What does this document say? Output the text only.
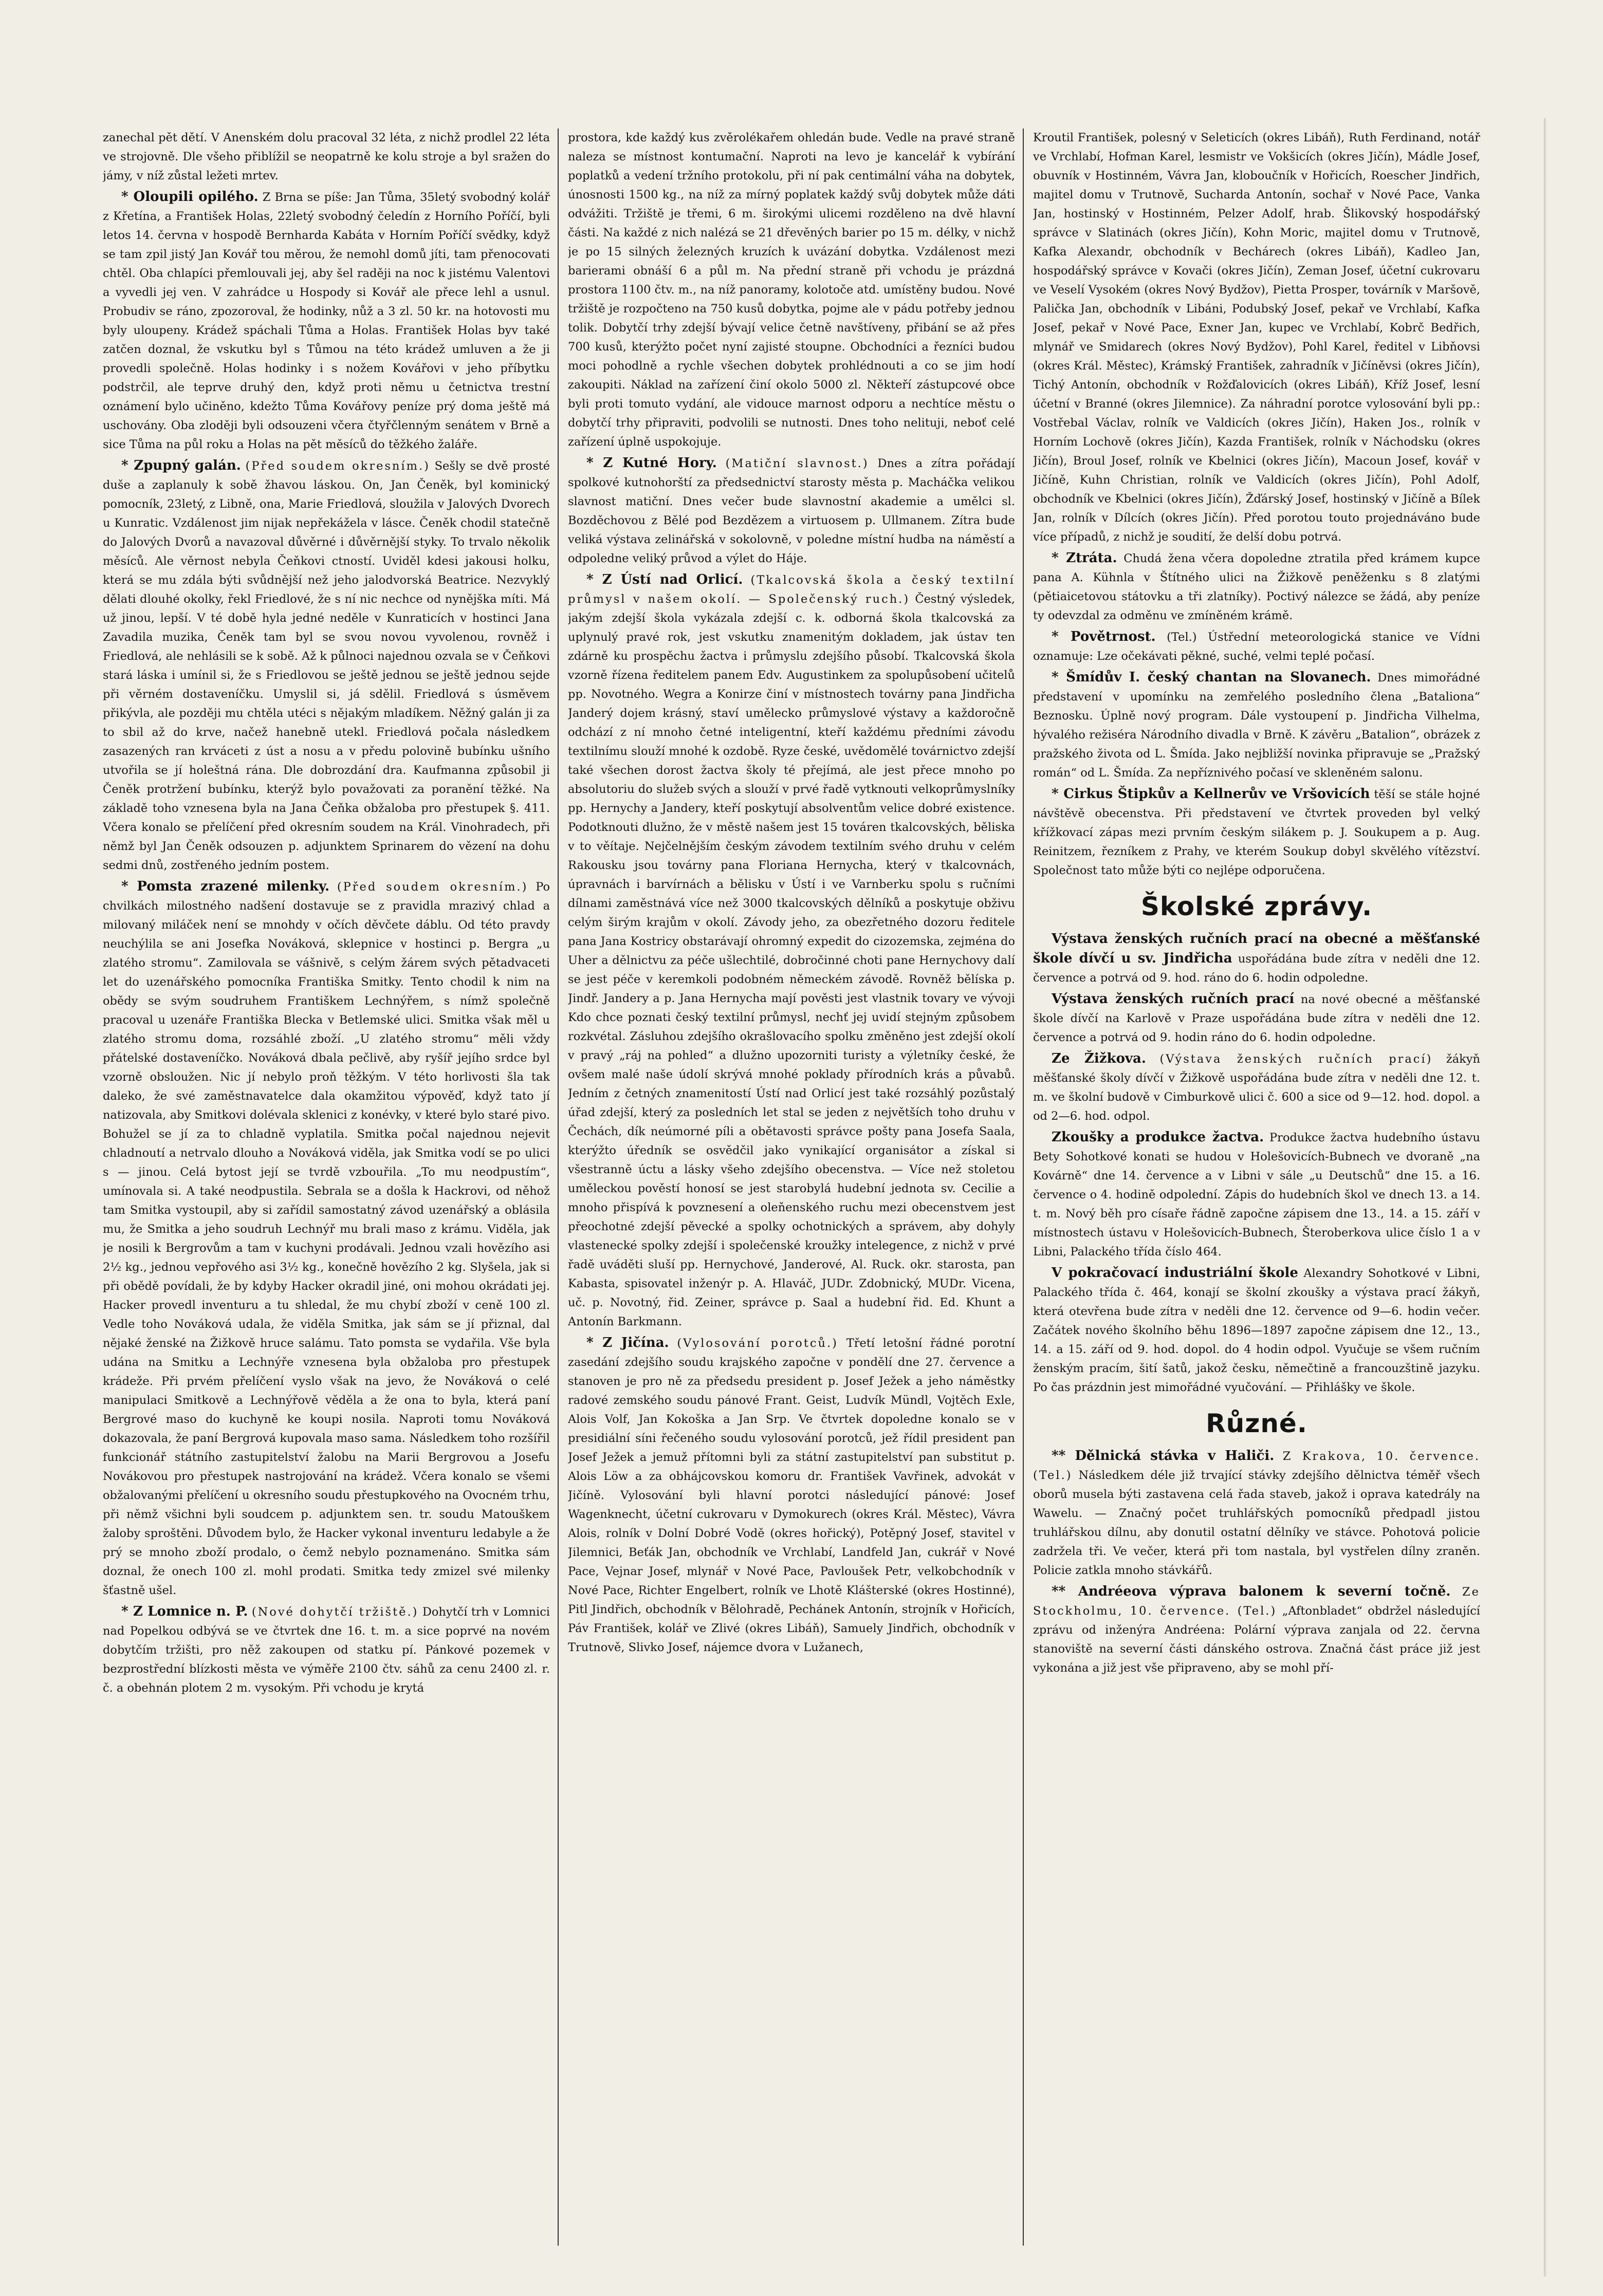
zanechal pět dětí. V Anenském dolu pracoval 32 léta, z nichž prodlel 22 léta ve strojovně. Dle všeho přiblížil se neopatrně ke kolu stroje a byl sražen do jámy, v níž zůstal ležeti mrtev.

* Oloupili opilého. Z Brna se píše: Jan Tůma, 35letý svobodný kolář z Křetína, a František Holas, 22letý svobodný čeledín z Horního Poříčí, byli letos 14. června v hospodě Bernharda Kabáta v Horním Poříčí svědky, když se tam zpil jistý Jan Kovář tou měrou, že nemohl domů jíti, tam přenocovati chtěl. Oba chlapíci přemlouvali jej, aby šel raději na noc k jistému Valentovi a vyvedli jej ven. V zahrádce u Hospody si Kovář ale přece lehl a usnul. Probudiv se ráno, zpozoroval, že hodinky, nůž a 3 zl. 50 kr. na hotovosti mu byly uloupeny. Krádež spáchali Tůma a Holas. František Holas byv také zatčen doznal, že vskutku byl s Tůmou na této krádež umluven a že ji provedli společně. Holas hodinky i s nožem Kovářovi v jeho příbytku podstrčil, ale teprve druhý den, když proti němu u četnictva trestní oznámení bylo učiněno, kdežto Tůma Kovářovy peníze prý doma ještě má uschovány. Oba zloději byli odsouzeni včera čtyřčlenným senátem v Brně a sice Tůma na půl roku a Holas na pět měsíců do těžkého žaláře.

* Zpupný galán. (Před soudem okresním.) Sešly se dvě prosté duše a zaplanuly k sobě žhavou láskou. On, Jan Čeněk, byl kominický pomocník, 23letý, z Libně, ona, Marie Friedlová, sloužila v Jalových Dvorech u Kunratic. Vzdálenost jim nijak nepřekážela v lásce. Čeněk chodil statečně do Jalových Dvorů a navazoval důvěrné i důvěrnější styky. To trvalo několik měsíců. Ale věrnost nebyla Čeňkovi ctností. Uviděl kdesi jakousi holku, která se mu zdála býti svůdnější než jeho jalodvorská Beatrice. Nezvyklý dělati dlouhé okolky, řekl Friedlové, že s ní nic nechce od nynějška míti. Má už jinou, lepší. V té době hyla jedné neděle v Kunraticích v hostinci Jana Zavadila muzika, Čeněk tam byl se svou novou vyvolenou, rovněž i Friedlová, ale nehlásili se k sobě. Až k půlnoci najednou ozvala se v Čeňkovi stará láska i umínil si, že s Friedlovou se ještě jednou se ještě jednou sejde při věrném dostaveníčku. Umyslil si, já sdělil. Friedlová s úsměvem přikývla, ale později mu chtěla utéci s nějakým mladíkem. Něžný galán ji za to sbil až do krve, načež hanebně utekl. Friedlová počala následkem zasazených ran krváceti z úst a nosu a v předu polovině bubínku ušního utvořila se jí holeštná rána. Dle dobrozdání dra. Kaufmanna způsobil ji Čeněk protržení bubínku, kterýž bylo považovati za poranění těžké. Na základě toho vznesena byla na Jana Čeňka obžaloba pro přestupek §. 411. Včera konalo se přelíčení před okresním soudem na Král. Vinohradech, při němž byl Jan Čeněk odsouzen p. adjunktem Sprinarem do vězení na dohu sedmi dnů, zostřeného jedním postem.

* Pomsta zrazené milenky. (Před soudem okresním.) Po chvilkách milostného nadšení dostavuje se z pravidla mrazivý chlad a milovaný miláček není se mnohdy v očích děvčete dáblu. Od této pravdy neuchýlila se ani Josefka Nováková, sklepnice v hostinci p. Bergra „u zlatého stromu“. Zamilovala se vášnivě, s celým žárem svých pětadvaceti let do uzenářského pomocníka Františka Smitky. Tento chodil k nim na obědy se svým soudruhem Františkem Lechnýřem, s nímž společně pracoval u uzenáře Františka Blecka v Betlemské ulici. Smitka však měl u zlatého stromu doma, rozsáhlé zboží. „U zlatého stromu“ měli vždy přátelské dostaveníčko. Nováková dbala pečlivě, aby ryšíř jejího srdce byl vzorně obsloužen. Nic jí nebylo proň těžkým. V této horlivosti šla tak daleko, že své zaměstnavatelce dala okamžitou výpověď, když tato jí natizovala, aby Smitkovi dolévala sklenici z konévky, v které bylo staré pivo. Bohužel se jí za to chladně vyplatila. Smitka počal najednou nejevit chladnoutí a netrvalo dlouho a Nováková viděla, jak Smitka vodí se po ulici s — jinou. Celá bytost její se tvrdě vzbouřila. „To mu neodpustím“, umínovala si. A také neodpustila. Sebrala se a došla k Hackrovi, od něhož tam Smitka vystoupil, aby si zařídil samostatný závod uzenářský a oblásila mu, že Smitka a jeho soudruh Lechnýř mu brali maso z krámu. Viděla, jak je nosili k Bergrovům a tam v kuchyni prodávali. Jednou vzali hovězího asi 2½ kg., jednou vepřového asi 3½ kg., konečně hovězího 2 kg. Slyšela, jak si při obědě povídali, že by kdyby Hacker okradil jiné, oni mohou okrádati jej. Hacker provedl inventuru a tu shledal, že mu chybí zboží v ceně 100 zl. Vedle toho Nováková udala, že viděla Smitka, jak sám se jí přiznal, dal nějaké ženské na Žižkově hruce salámu. Tato pomsta se vydařila. Vše byla udána na Smitku a Lechnýře vznesena byla obžaloba pro přestupek krádeže. Při prvém přelíčení vyslo však na jevo, že Nováková o celé manipulaci Smitkově a Lechnýřově věděla a že ona to byla, která paní Bergrové maso do kuchyně ke koupi nosila. Naproti tomu Nováková dokazovala, že paní Bergrová kupovala maso sama. Následkem toho rozšířil funkcionář státního zastupitelství žalobu na Marii Bergrovou a Josefu Novákovou pro přestupek nastrojování na krádež. Včera konalo se všemi obžalovanými přelíčení u okresního soudu přestupkového na Ovocném trhu, při němž všichni byli soudcem p. adjunktem sen. tr. soudu Matouškem žaloby sproštěni. Důvodem bylo, že Hacker vykonal inventuru ledabyle a že prý se mnoho zboží prodalo, o čemž nebylo poznamenáno. Smitka sám doznal, že onech 100 zl. mohl prodati. Smitka tedy zmizel své milenky šťastně ušel.

* Z Lomnice n. P. (Nové dohytčí tržiště.) Dohytčí trh v Lomnici nad Popelkou odbývá se ve čtvrtek dne 16. t. m. a sice poprvé na novém dobytčím tržišti, pro něž zakoupen od statku pí. Pánkové pozemek v bezprostřední blízkosti města ve výměře 2100 čtv. sáhů za cenu 2400 zl. r. č. a obehnán plotem 2 m. vysokým. Při vchodu je krytá

prostora, kde každý kus zvěrolékařem ohledán bude. Vedle na pravé straně naleza se místnost kontumační. Naproti na levo je kancelář k vybírání poplatků a vedení tržního protokolu, při ní pak centimální váha na dobytek, únosnosti 1500 kg., na níž za mírný poplatek každý svůj dobytek může dáti odvážiti. Tržiště je třemi, 6 m. širokými ulicemi rozděleno na dvě hlavní části. Na každé z nich nalézá se 21 dřevěných barier po 15 m. délky, v nichž je po 15 silných železných kruzích k uvázání dobytka. Vzdálenost mezi barierami obnáší 6 a půl m. Na přední straně při vchodu je prázdná prostora 1100 čtv. m., na níž panoramy, kolotoče atd. umístěny budou. Nové tržiště je rozpočteno na 750 kusů dobytka, pojme ale v pádu potřeby jednou tolik. Dobytčí trhy zdejší bývají velice četně navštíveny, přibání se až přes 700 kusů, kterýžto počet nyní zajisté stoupne. Obchodníci a řezníci budou moci pohodlně a rychle všechen dobytek prohlédnouti a co se jim hodí zakoupiti. Náklad na zařízení činí okolo 5000 zl. Někteří zástupcové obce byli proti tomuto vydání, ale vidouce marnost odporu a nechtíce městu o dobytčí trhy připraviti, podvolili se nutnosti. Dnes toho nelituji, neboť celé zařízení úplně uspokojuje.

* Z Kutné Hory. (Matiční slavnost.) Dnes a zítra pořádají spolkové kutnohorští za předsednictví starosty města p. Macháčka velikou slavnost matiční. Dnes večer bude slavnostní akademie a umělci sl. Bozděchovou z Bělé pod Bezdězem a virtuosem p. Ullmanem. Zítra bude veliká výstava zelinářská v sokolovně, v poledne místní hudba na náměstí a odpoledne veliký průvod a výlet do Háje.

* Z Ústí nad Orlicí. (Tkalcovská škola a český textilní průmysl v našem okolí. — Společenský ruch.) Čestný výsledek, jakým zdejší škola vykázala zdejší c. k. odborná škola tkalcovská za uplynulý pravé rok, jest vskutku znamenitým dokladem, jak ústav ten zdárně ku prospěchu žactva i průmyslu zdejšího působí. Tkalcovská škola vzorně řízena ředitelem panem Edv. Augustinkem za spolupůsobení učitelů pp. Novotného. Wegra a Konirze činí v místnostech továrny pana Jindřicha Janderý dojem krásný, staví umělecko průmyslové výstavy a každoročně odchází z ní mnoho četné inteligentní, kteří každému předními závodu textilnímu slouží mnohé k ozdobě. Ryze české, uvědomělé továrnictvo zdejší také všechen dorost žactva školy té přejímá, ale jest přece mnoho po absolutoriu do služeb svých a slouží v prvé řadě vytknouti velkoprůmyslníky pp. Hernychy a Jandery, kteří poskytují absolventům velice dobré existence. Podotknouti dlužno, že v městě našem jest 15 továren tkalcovských, běliska v to věítaje. Nejčelnějším českým závodem textilním svého druhu v celém Rakousku jsou továrny pana Floriana Hernycha, který v tkalcovnách, úpravnách i barvírnách a bělisku v Ústí i ve Varnberku spolu s ručními dílnami zaměstnává více než 3000 tkalcovských dělníků a poskytuje obživu celým širým krajům v okolí. Závody jeho, za obezřetného dozoru ředitele pana Jana Kostricy obstarávají ohromný expedit do cizozemska, zejména do Uher a dělnictvu za péče ušlechtilé, dobročinné choti pane Hernychovy dalí se jest péče v keremkoli podobném německém závodě. Rovněž bělíska p. Jindř. Jandery a p. Jana Hernycha mají pověsti jest vlastnik tovary ve vývoji Kdo chce poznati český textilní průmysl, nechť jej uvidí stejným způsobem rozkvétal. Zásluhou zdejšího okrašlovacího spolku změněno jest zdejší okolí v pravý „ráj na pohled“ a dlužno upozorniti turisty a výletníky české, že ovšem malé naše údolí skrývá mnohé poklady přírodních krás a půvabů. Jedním z četných znamenitostí Ústí nad Orlicí jest také rozsáhlý pozůstalý úřad zdejší, který za posledních let stal se jeden z největších toho druhu v Čechách, dík neúmorné píli a obětavosti správce pošty pana Josefa Saala, kterýžto úředník se osvědčil jako vynikající organisátor a získal si všestranně úctu a lásky všeho zdejšího obecenstva. — Více než stoletou uměleckou pověstí honosí se jest starobylá hudební jednota sv. Cecilie a mnoho přispívá k povznesení a oleňenského ruchu mezi obecenstvem jest přeochotné zdejší pěvecké a spolky ochotnických a správem, aby dohyly vlastenecké spolky zdejší i společenské kroužky intelegence, z nichž v prvé řadě uváděti sluší pp. Hernychové, Janderové, Al. Ruck. okr. starosta, pan Kabasta, spisovatel inženýr p. A. Hlaváč, JUDr. Zdobnický, MUDr. Vicena, uč. p. Novotný, řid. Zeiner, správce p. Saal a hudební řid. Ed. Khunt a Antonín Barkmann.

* Z Jičína. (Vylosování porotců.) Třetí letošní řádné porotní zasedání zdejšího soudu krajského započne v pondělí dne 27. července a stanoven je pro ně za předsedu president p. Josef Ježek a jeho náměstky radové zemského soudu pánové Frant. Geist, Ludvík Mündl, Vojtěch Exle, Alois Volf, Jan Kokoška a Jan Srp. Ve čtvrtek dopoledne konalo se v presidiální síni řečeného soudu vylosování porotců, jež řídil president pan Josef Ježek a jemuž přítomni byli za státní zastupitelství pan substitut p. Alois Löw a za obhájcovskou komoru dr. František Vavřinek, advokát v Jičíně. Vylosování byli hlavní porotci následující pánové: Josef Wagenknecht, účetní cukrovaru v Dymokurech (okres Král. Městec), Vávra Alois, rolník v Dolní Dobré Vodě (okres hořický), Potěpný Josef, stavitel v Jilemnici, Beťák Jan, obchodník ve Vrchlabí, Landfeld Jan, cukrář v Nové Pace, Vejnar Josef, mlynář v Nové Pace, Pavloušek Petr, velkobchodník v Nové Pace, Richter Engelbert, rolník ve Lhotě Klášterské (okres Hostinné), Pitl Jindřich, obchodník v Bělohradě, Pechánek Antonín, strojník v Hořicích, Páv František, kolář ve Zlivé (okres Libáň), Samuely Jindřich, obchodník v Trutnově, Slivko Josef, nájemce dvora v Lužanech,

Kroutil František, polesný v Seleticích (okres Libáň), Ruth Ferdinand, notář ve Vrchlabí, Hofman Karel, lesmistr ve Vokšicích (okres Jičín), Mádle Josef, obuvník v Hostinném, Vávra Jan, kloboučník v Hořicích, Roescher Jindřich, majitel domu v Trutnově, Suchardа Antonín, sochař v Nové Pace, Vanka Jan, hostinský v Hostinném, Pelzer Adolf, hrab. Šlikovský hospodářský správce v Slatinách (okres Jičín), Kohn Moric, majitel domu v Trutnově, Kafka Alexandr, obchodník v Bechárech (okres Libáň), Kadleo Jan, hospodářský správce v Kovači (okres Jičín), Zeman Josef, účetní cukrovaru ve Veselí Vysokém (okres Nový Bydžov), Pietta Prosper, továrník v Maršově, Palička Jan, obchodník v Libáni, Podubský Josef, pekař ve Vrchlabí, Kafka Josef, pekař v Nové Pace, Exner Jan, kupec ve Vrchlabí, Kobrč Bedřich, mlynář ve Smidarech (okres Nový Bydžov), Pohl Karel, ředitel v Libňovsi (okres Král. Městec), Krámský František, zahradník v Jičíněvsi (okres Jičín), Tichý Antonín, obchodník v Rožďalovicích (okres Libáň), Kříž Josef, lesní účetní v Branné (okres Jilemnice). Za náhradní porotce vylosování byli pp.: Vostřebal Václav, rolník ve Valdicích (okres Jičín), Haken Jos., rolník v Horním Lochově (okres Jičín), Kazda František, rolník v Náchodsku (okres Jičín), Broul Josef, rolník ve Kbelnici (okres Jičín), Macoun Josef, kovář v Jičíně, Kuhn Christian, rolník ve Valdicích (okres Jičín), Pohl Adolf, obchodník ve Kbelnici (okres Jičín), Žďárský Josef, hostinský v Jičíně a Bílek Jan, rolník v Dílcích (okres Jičín). Před porotou touto projednáváno bude více případů, z nichž je soudití, že delší dobu potrvá.

* Ztráta. Chudá žena včera dopoledne ztratila před krámem kupce pana A. Kühnla v Štítného ulici na Žižkově peněženku s 8 zlatými (pětiaicetovou státovku a tři zlatníky). Poctivý nálezce se žádá, aby peníze ty odevzdal za odměnu ve zmíněném krámě.

* Povětrnost. (Tel.) Ústřední meteorologická stanice ve Vídni oznamuje: Lze očekávati pěkné, suché, velmi teplé počasí.

* Šmídův I. český chantan na Slovanech. Dnes mimořádné představení v upomínku na zemřelého posledního člena „Bataliona“ Beznosku. Úplně nový program. Dále vystoupení p. Jindřicha Vilhelma, hývalého režiséra Národního divadla v Brně. K závěru „Batalion“, obrázek z pražského života od L. Šmída. Jako nejbližší novinka připravuje se „Pražský román“ od L. Šmída. Za nepříznivého počasí ve skleněném salonu.

* Cirkus Štipkův a Kellnerův ve Vršovicích těší se stále hojné návštěvě obecenstva. Při představení ve čtvrtek proveden byl velký křížkovací zápas mezi prvním českým silákem p. J. Soukupem a p. Aug. Reinitzem, řezníkem z Prahy, ve kterém Soukup dobyl skvělého vítězství. Společnost tato může býti co nejlépe odporučena.

Školské zprávy.

Výstava ženských ručních prací na obecné a měšťanské škole dívčí u sv. Jindřicha uspořádána bude zítra v neděli dne 12. července a potrvá od 9. hod. ráno do 6. hodin odpoledne.

Výstava ženských ručních prací na nové obecné a měšťanské škole dívčí na Karlově v Praze uspořádána bude zítra v neděli dne 12. července a potrvá od 9. hodin ráno do 6. hodin odpoledne.

Ze Žižkova. (Výstava ženských ručních prací) žákyň měšťanské školy dívčí v Žižkově uspořádána bude zítra v neděli dne 12. t. m. ve školní budově v Cimburkově ulici č. 600 a sice od 9—12. hod. dopol. a od 2—6. hod. odpol.

Zkoušky a produkce žactva. Produkce žactva hudebního ústavu Bety Sohotkové konati se hudou v Holešovicích-Bubnech ve dvoraně „na Kovárně“ dne 14. července a v Libni v sále „u Deutschů“ dne 15. a 16. července o 4. hodině odpolední. Zápis do hudebních škol ve dnech 13. a 14. t. m. Nový běh pro císaře řádně započne zápisem dne 13., 14. a 15. září v místnostech ústavu v Holešovicích-Bubnech, Šteroberkova ulice číslo 1 a v Libni, Palackého třída číslo 464.

V pokračovací industriální škole Alexandry Sohotkové v Libni, Palackého třída č. 464, konají se školní zkoušky a výstava prací žákyň, která otevřena bude zítra v neděli dne 12. července od 9—6. hodin večer. Začátek nového školního běhu 1896—1897 započne zápisem dne 12., 13., 14. a 15. září od 9. hod. dopol. do 4 hodin odpol. Vyučuje se všem ručním ženským pracím, šití šatů, jakož česku, němečtině a francouzštině jazyku. Po čas prázdnin jest mimořádné vyučování. — Přihlášky ve škole.

Různé.

** Dělnická stávka v Haliči. Z Krakova, 10. července. (Tel.) Následkem déle již trvající stávky zdejšího dělnictva téměř všech oborů musela býti zastavena celá řada staveb, jakož i oprava katedrály na Wawelu. — Značný počet truhlářských pomocníků předpadl jistou truhlářskou dílnu, aby donutil ostatní dělníky ve stávce. Pohotová policie zadržela tři. Ve večer, která při tom nastala, byl vystřelen dílny zraněn. Policie zatkla mnoho stávkářů.

** Andréeova výprava balonem k severní točně. Ze Stockholmu, 10. července. (Tel.) „Aftonbladet“ obdržel následující zprávu od inženýra Andréena: Polární výprava zanjala od 22. června stanoviště na severní části dánského ostrova. Značná část práce již jest vykonána a již jest vše připraveno, aby se mohl pří-
